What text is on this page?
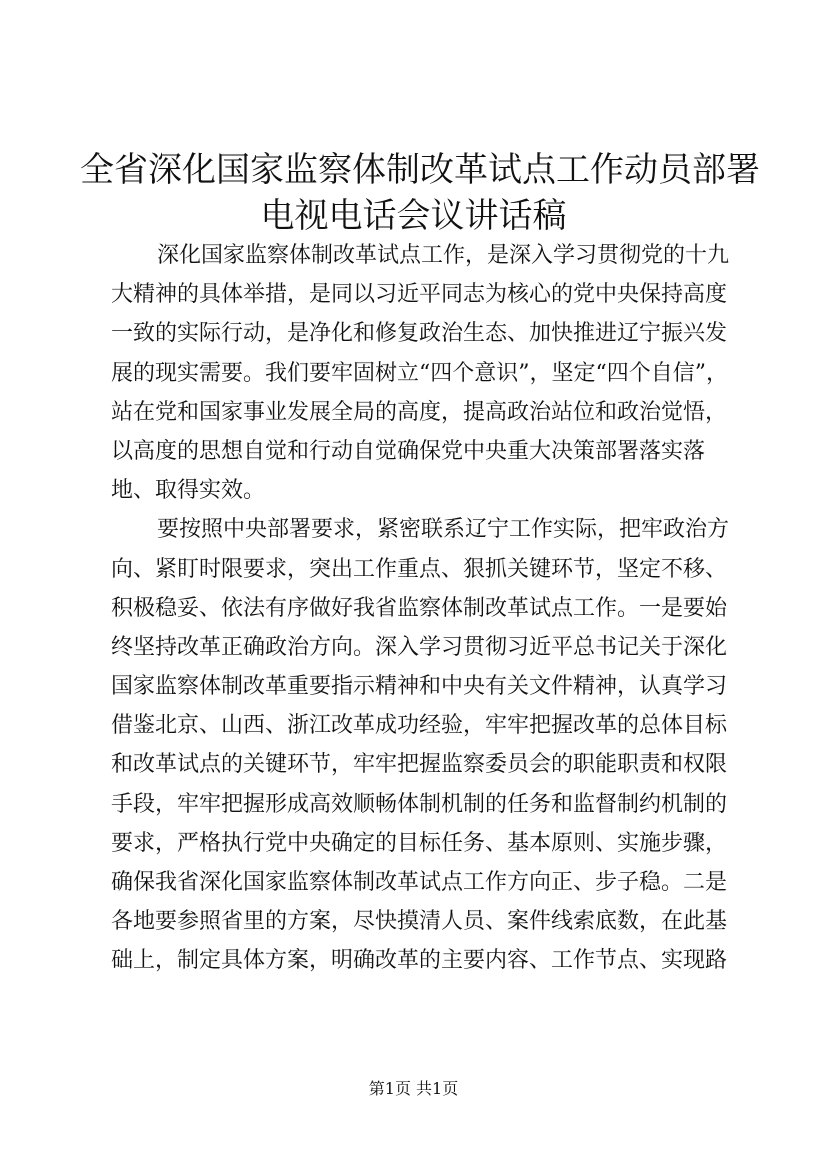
全省深化国家监察体制改革试点工作动员部署
电视电话会议讲话稿
深化国家监察体制改革试点工作，是深入学习贯彻党的十九
大精神的具体举措，是同以习近平同志为核心的党中央保持高度
一致的实际行动，是净化和修复政治生态、加快推进辽宁振兴发
展的现实需要。我们要牢固树立“四个意识”，坚定“四个自信”，
站在党和国家事业发展全局的高度，提高政治站位和政治觉悟，
以高度的思想自觉和行动自觉确保党中央重大决策部署落实落
地、取得实效。
要按照中央部署要求，紧密联系辽宁工作实际，把牢政治方
向、紧盯时限要求，突出工作重点、狠抓关键环节，坚定不移、
积极稳妥、依法有序做好我省监察体制改革试点工作。一是要始
终坚持改革正确政治方向。深入学习贯彻习近平总书记关于深化
国家监察体制改革重要指示精神和中央有关文件精神，认真学习
借鉴北京、山西、浙江改革成功经验，牢牢把握改革的总体目标
和改革试点的关键环节，牢牢把握监察委员会的职能职责和权限
手段，牢牢把握形成高效顺畅体制机制的任务和监督制约机制的
要求，严格执行党中央确定的目标任务、基本原则、实施步骤，
确保我省深化国家监察体制改革试点工作方向正、步子稳。二是
各地要参照省里的方案，尽快摸清人员、案件线索底数，在此基
础上，制定具体方案，明确改革的主要内容、工作节点、实现路
第1页 共1页
